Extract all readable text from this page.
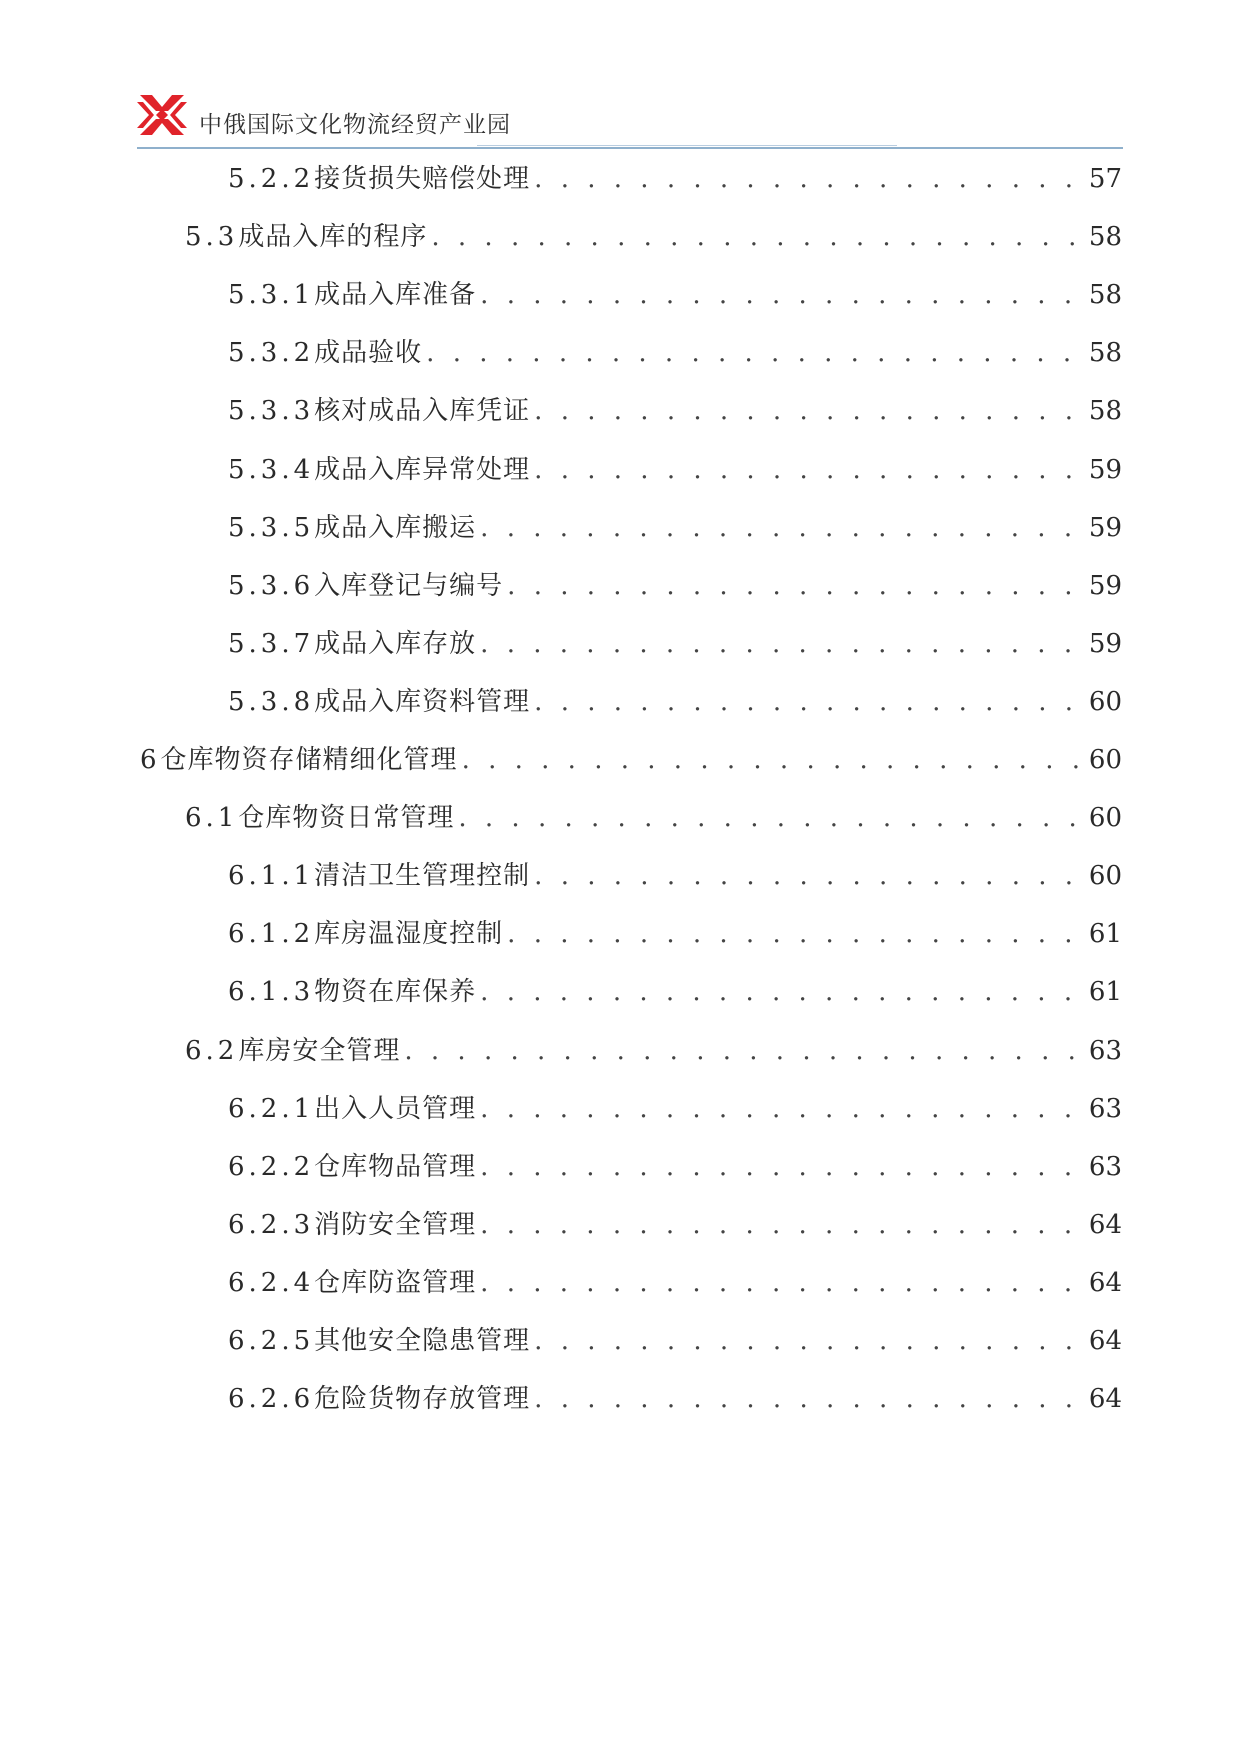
中俄国际文化物流经贸产业园
5.2.2 接货损失赔偿处理 . . .	57
5.3 成品入库的程序 . . .	58
5.3.1 成品入库准备 . . .	58
5.3.2 成品验收 . . .	58
5.3.3 核对成品入库凭证 . . .	58
5.3.4 成品入库异常处理 . . .	59
5.3.5 成品入库搬运 . . .	59
5.3.6 入库登记与编号 . . .	59
5.3.7 成品入库存放 . . .	59
5.3.8 成品入库资料管理 . . .	60
6 仓库物资存储精细化管理 . . .	60
6.1 仓库物资日常管理 . . .	60
6.1.1 清洁卫生管理控制 . . .	60
6.1.2 库房温湿度控制 . . .	61
6.1.3 物资在库保养 . . .	61
6.2 库房安全管理 . . .	63
6.2.1 出入人员管理 . . .	63
6.2.2 仓库物品管理 . . .	63
6.2.3 消防安全管理 . . .	64
6.2.4 仓库防盗管理 . . .	64
6.2.5 其他安全隐患管理 . . .	64
6.2.6 危险货物存放管理 . . .	64
